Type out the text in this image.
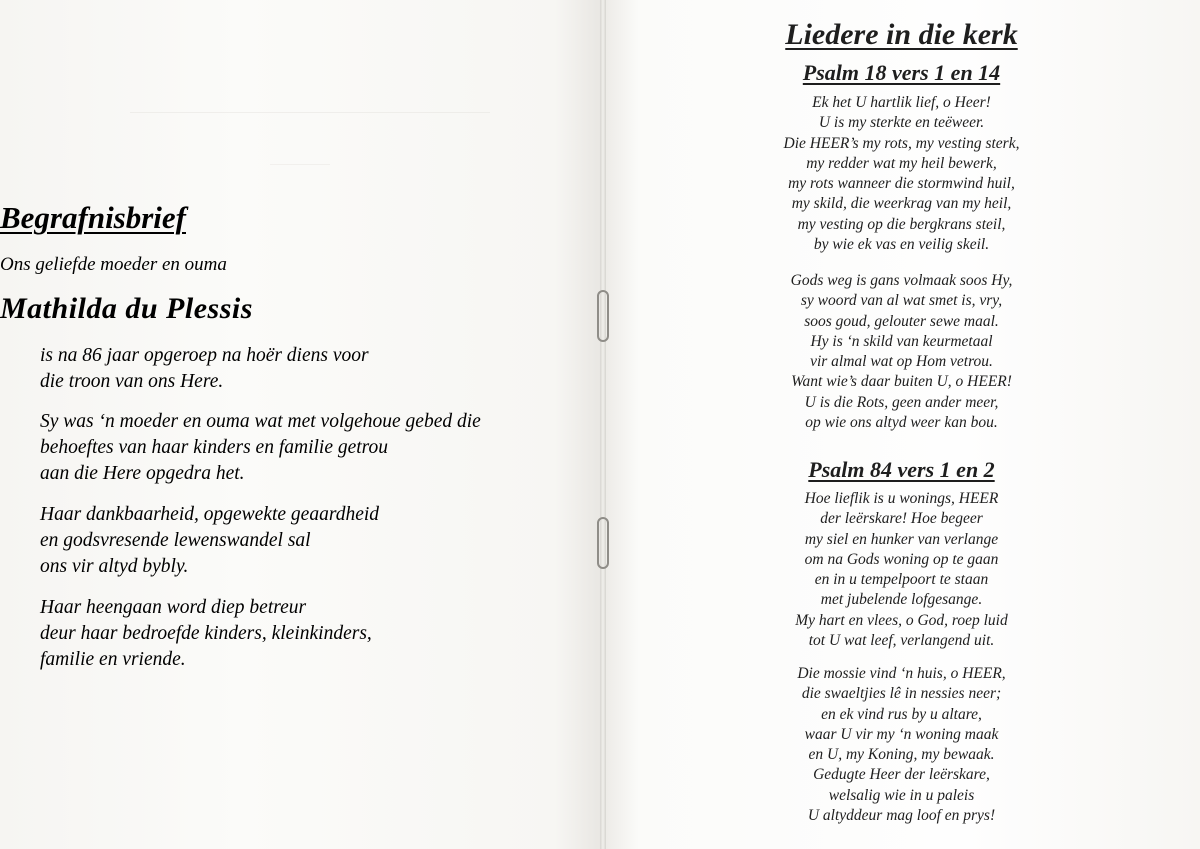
Begrafnisbrief
Ons geliefde moeder en ouma
Mathilda du Plessis

is na 86 jaar opgeroep na hoër diens voor
die troon van ons Here.

Sy was ‘n moeder en ouma wat met volgehoue gebed die
behoeftes van haar kinders en familie getrou
aan die Here opgedra het.

Haar dankbaarheid, opgewekte geaardheid
en godsvresende lewenswandel sal
ons vir altyd bybly.

Haar heengaan word diep betreur
deur haar bedroefde kinders, kleinkinders,
familie en vriende.

Liedere in die kerk
Psalm 18 vers 1 en 14

Ek het U hartlik lief, o Heer!
U is my sterkte en teëweer.
Die HEER’s my rots, my vesting sterk,
my redder wat my heil bewerk,
my rots wanneer die stormwind huil,
my skild, die weerkrag van my heil,
my vesting op die bergkrans steil,
by wie ek vas en veilig skeil.

Gods weg is gans volmaak soos Hy,
sy woord van al wat smet is, vry,
soos goud, gelouter sewe maal.
Hy is ‘n skild van keurmetaal
vir almal wat op Hom vetrou.
Want wie’s daar buiten U, o HEER!
U is die Rots, geen ander meer,
op wie ons altyd weer kan bou.

Psalm 84 vers 1 en 2

Hoe lieflik is u wonings, HEER
der leërskare! Hoe begeer
my siel en hunker van verlange
om na Gods woning op te gaan
en in u tempelpoort te staan
met jubelende lofgesange.
My hart en vlees, o God, roep luid
tot U wat leef, verlangend uit.

Die mossie vind ‘n huis, o HEER,
die swaeltjies lê in nessies neer;
en ek vind rus by u altare,
waar U vir my ‘n woning maak
en U, my Koning, my bewaak.
Gedugte Heer der leërskare,
welsalig wie in u paleis
U altyddeur mag loof en prys!
